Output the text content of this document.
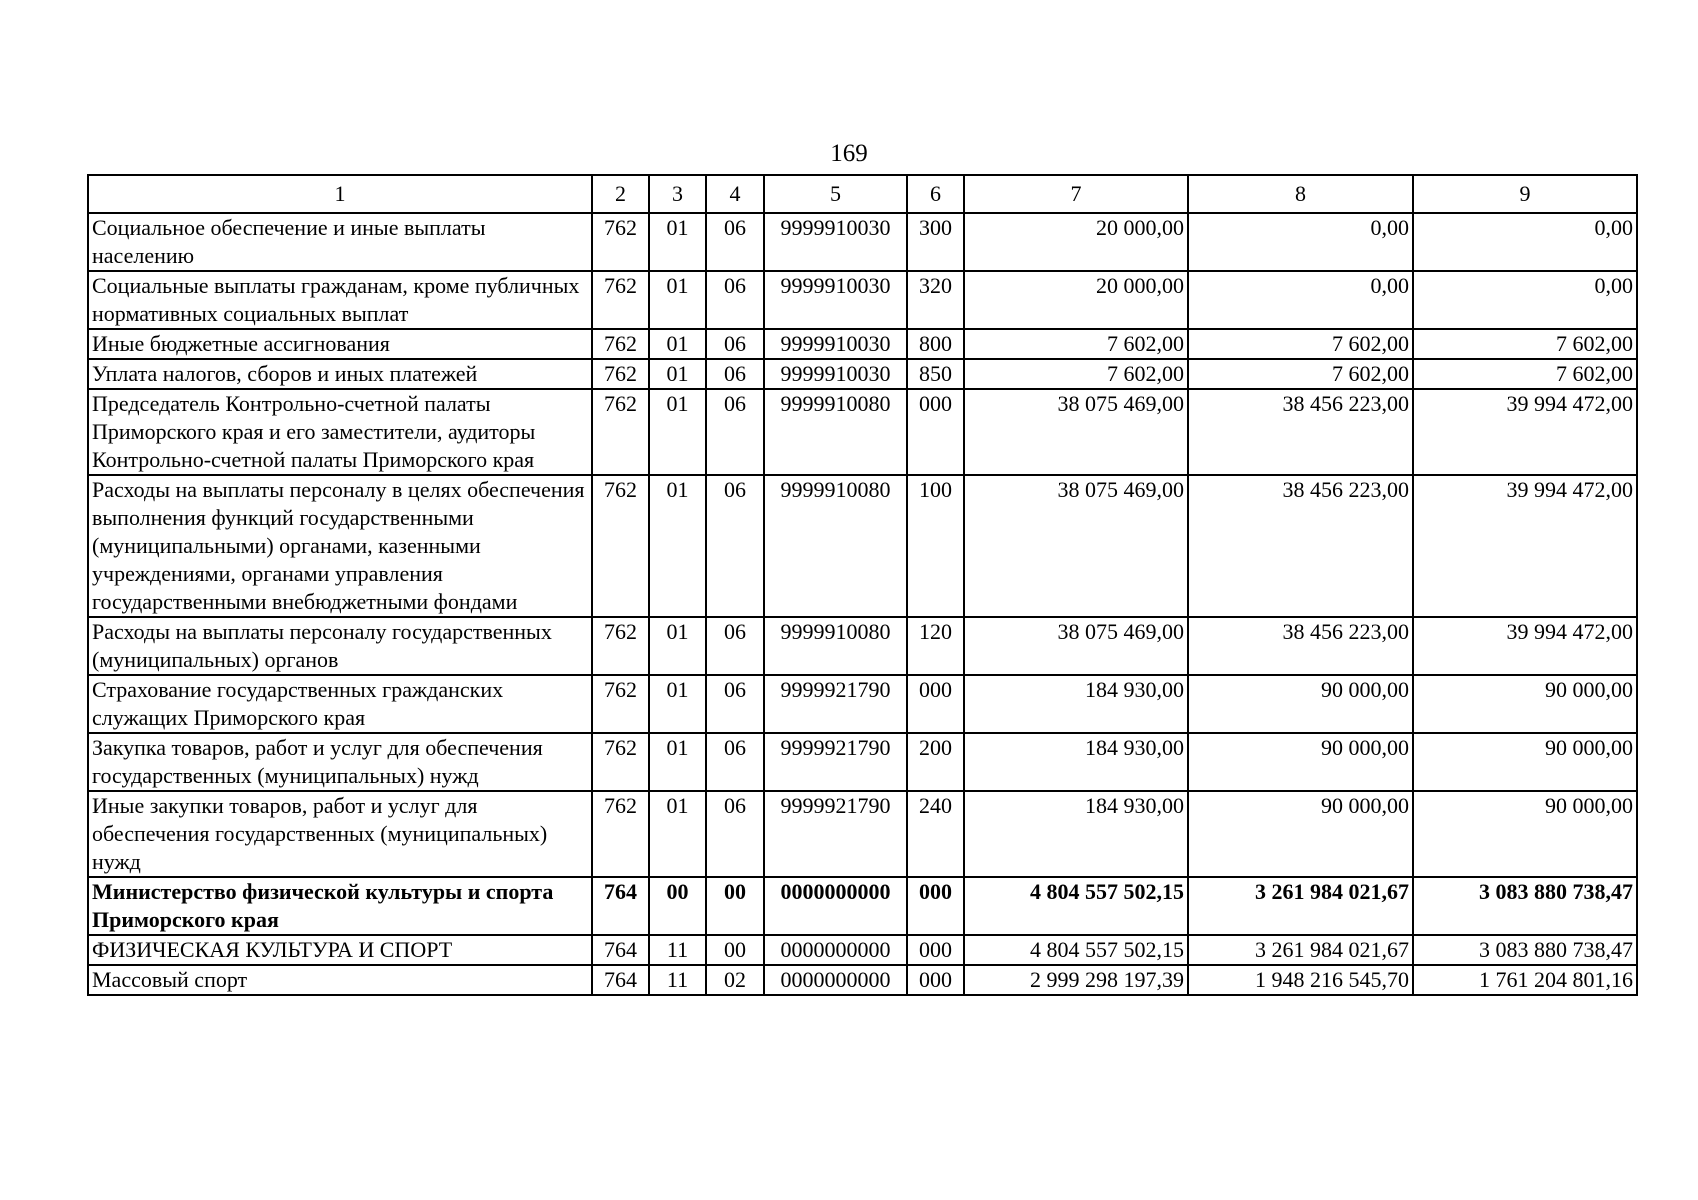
169
1	2	3	4	5	6	7	8	9
Социальное обеспечение и иные выплаты населению	762	01	06	9999910030	300	20 000,00	0,00	0,00
Социальные выплаты гражданам, кроме публичных нормативных социальных выплат	762	01	06	9999910030	320	20 000,00	0,00	0,00
Иные бюджетные ассигнования	762	01	06	9999910030	800	7 602,00	7 602,00	7 602,00
Уплата налогов, сборов и иных платежей	762	01	06	9999910030	850	7 602,00	7 602,00	7 602,00
Председатель Контрольно-счетной палаты Приморского края и его заместители, аудиторы Контрольно-счетной палаты Приморского края	762	01	06	9999910080	000	38 075 469,00	38 456 223,00	39 994 472,00
Расходы на выплаты персоналу в целях обеспечения выполнения функций государственными (муниципальными) органами, казенными учреждениями, органами управления государственными внебюджетными фондами	762	01	06	9999910080	100	38 075 469,00	38 456 223,00	39 994 472,00
Расходы на выплаты персоналу государственных (муниципальных) органов	762	01	06	9999910080	120	38 075 469,00	38 456 223,00	39 994 472,00
Страхование государственных гражданских служащих Приморского края	762	01	06	9999921790	000	184 930,00	90 000,00	90 000,00
Закупка товаров, работ и услуг для обеспечения государственных (муниципальных) нужд	762	01	06	9999921790	200	184 930,00	90 000,00	90 000,00
Иные закупки товаров, работ и услуг для обеспечения государственных (муниципальных) нужд	762	01	06	9999921790	240	184 930,00	90 000,00	90 000,00
Министерство физической культуры и спорта Приморского края	764	00	00	0000000000	000	4 804 557 502,15	3 261 984 021,67	3 083 880 738,47
ФИЗИЧЕСКАЯ КУЛЬТУРА И СПОРТ	764	11	00	0000000000	000	4 804 557 502,15	3 261 984 021,67	3 083 880 738,47
Массовый спорт	764	11	02	0000000000	000	2 999 298 197,39	1 948 216 545,70	1 761 204 801,16
